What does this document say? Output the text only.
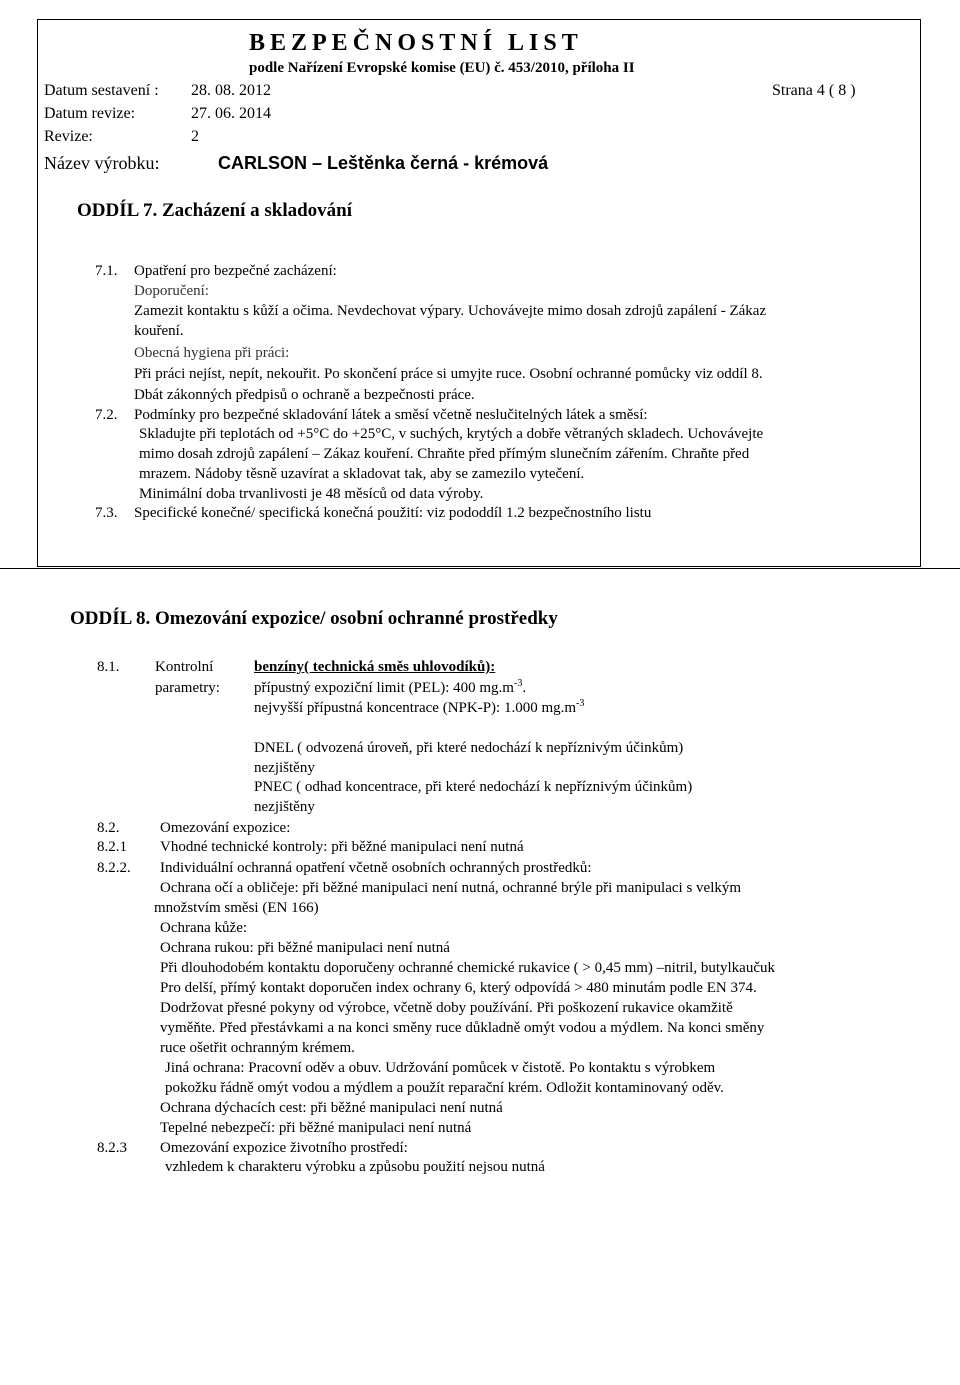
BEZPEČNOSTNÍ LIST
podle Nařízení Evropské komise (EU) č. 453/2010, příloha II
Datum sestavení : 28. 08. 2012	Strana 4 ( 8 )
Datum revize:	27. 06. 2014
Revize:	2
Název výrobku:	CARLSON – Leštěnka černá - krémová
ODDÍL 7. Zacházení a skladování
7.1. Opatření pro bezpečné zacházení:
Doporučení:
Zamezit kontaktu s kůží a očima. Nevdechovat výpary. Uchovávejte mimo dosah zdrojů zapálení - Zákaz
kouření.
Obecná hygiena při práci:
Při práci nejíst, nepít, nekouřit. Po skončení práce si umyjte ruce. Osobní ochranné pomůcky viz oddíl 8.
Dbát zákonných předpisů o ochraně a bezpečnosti práce.
7.2. Podmínky pro bezpečné skladování látek a směsí včetně neslučitelných látek a směsí:
Skladujte při teplotách od +5°C do +25°C, v suchých, krytých a dobře větraných skladech. Uchovávejte
mimo dosah zdrojů zapálení – Zákaz kouření. Chraňte před přímým slunečním zářením. Chraňte před
mrazem. Nádoby těsně uzavírat a skladovat tak, aby se zamezilo vytečení.
Minimální doba trvanlivosti je 48 měsíců od data výroby.
7.3. Specifické konečné/ specifická konečná použití: viz pododdíl 1.2 bezpečnostního listu
ODDÍL 8. Omezování expozice/ osobní ochranné prostředky
8.1. Kontrolní	benzíny( technická směs uhlovodíků):
parametry: přípustný expoziční limit (PEL): 400 $mg.m^{-3}$.
nejvyšší přípustná koncentrace (NPK-P): 1.000 $mg.m^{-3}$
DNEL ( odvozená úroveň, při které nedochází k nepříznivým účinkům)
nezjištěny
PNEC ( odhad koncentrace, při které nedochází k nepříznivým účinkům)
nezjištěny
8.2.	Omezování expozice:
8.2.1 Vhodné technické kontroly: při běžné manipulaci není nutná
8.2.2. Individuální ochranná opatření včetně osobních ochranných prostředků:
Ochrana očí a obličeje: při běžné manipulaci není nutná, ochranné brýle při manipulaci s velkým
množstvím směsi (EN 166)
Ochrana kůže:
Ochrana rukou: při běžné manipulaci není nutná
Při dlouhodobém kontaktu doporučeny ochranné chemické rukavice ( > 0,45 mm) –nitril, butylkaučuk
Pro delší, přímý kontakt doporučen index ochrany 6, který odpovídá > 480 minutám podle EN 374.
Dodržovat přesné pokyny od výrobce, včetně doby používání. Při poškození rukavice okamžitě
vyměňte. Před přestávkami a na konci směny ruce důkladně omýt vodou a mýdlem. Na konci směny
ruce ošetřit ochranným krémem.
Jiná ochrana: Pracovní oděv a obuv. Udržování pomůcek v čistotě. Po kontaktu s výrobkem
pokožku řádně omýt vodou a mýdlem a použít reparační krém. Odložit kontaminovaný oděv.
Ochrana dýchacích cest: při běžné manipulaci není nutná
Tepelné nebezpečí: při běžné manipulaci není nutná
8.2.3 Omezování expozice životního prostředí:
vzhledem k charakteru výrobku a způsobu použití nejsou nutná
